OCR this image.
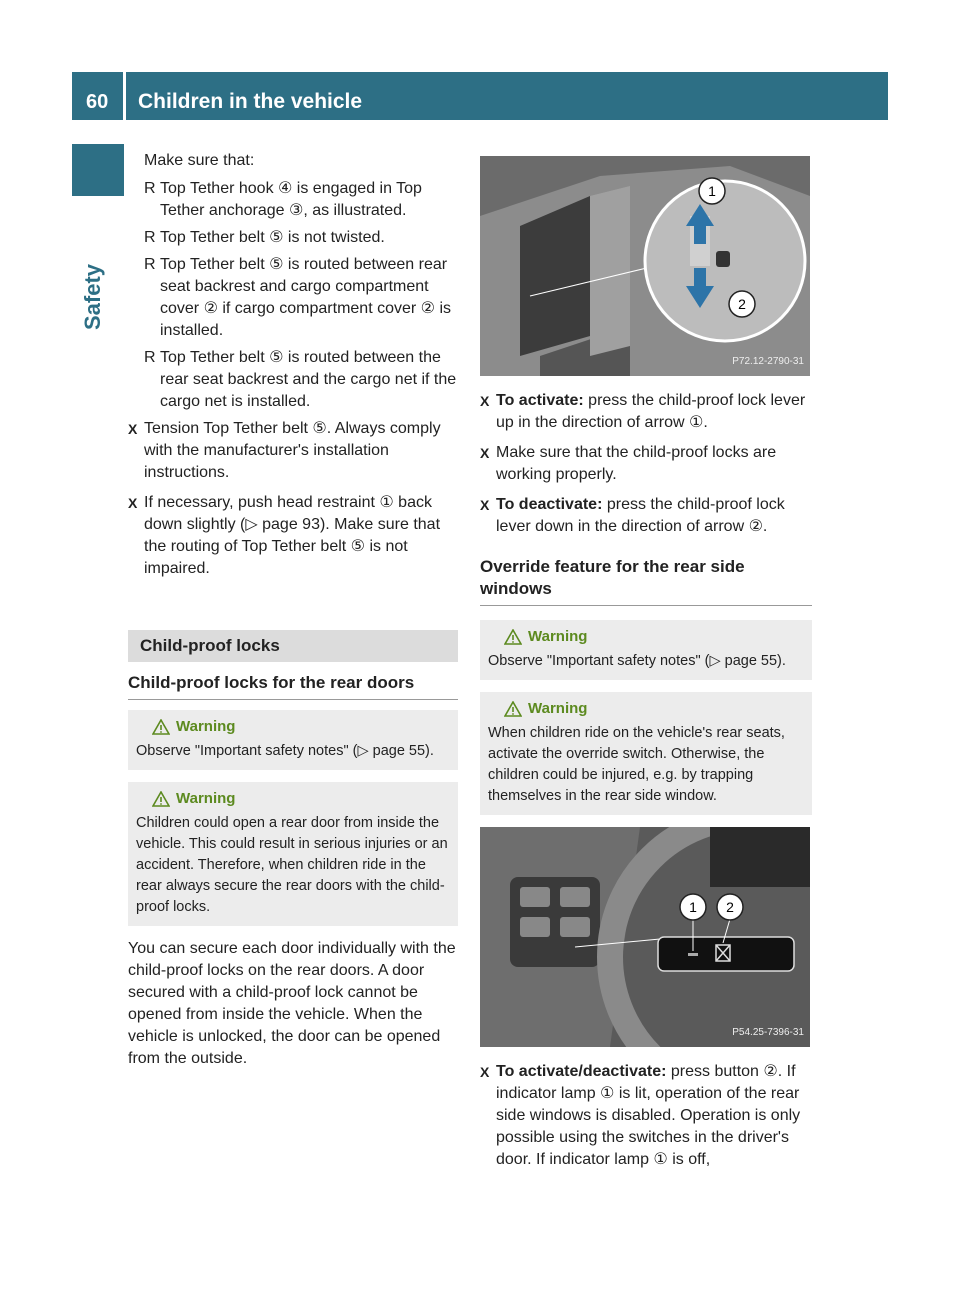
60	Children in the vehicle
Safety

Make sure that:

R Top Tether hook ④ is engaged in Top Tether anchorage ③, as illustrated.
R Top Tether belt ⑤ is not twisted.
R Top Tether belt ⑤ is routed between rear seat backrest and cargo compartment cover ② if cargo compartment cover ② is installed.
R Top Tether belt ⑤ is routed between the rear seat backrest and the cargo net if the cargo net is installed.
X Tension Top Tether belt ⑤. Always comply with the manufacturer's installation instructions.
X If necessary, push head restraint ① back down slightly (▷ page 93). Make sure that the routing of Top Tether belt ⑤ is not impaired.
Child-proof locks
Child-proof locks for the rear doors
Warning
Observe "Important safety notes" (▷ page 55).
Warning
Children could open a rear door from inside the vehicle. This could result in serious injuries or an accident. Therefore, when children ride in the rear always secure the rear doors with the child-proof locks.

You can secure each door individually with the child-proof locks on the rear doors. A door secured with a child-proof lock cannot be opened from inside the vehicle. When the vehicle is unlocked, the door can be opened from the outside.

1
2
P72.12-2790-31
X To activate: press the child-proof lock lever up in the direction of arrow ①.
X Make sure that the child-proof locks are working properly.
X To deactivate: press the child-proof lock lever down in the direction of arrow ②.
Override feature for the rear side windows
Warning
Observe "Important safety notes" (▷ page 55).
Warning
When children ride on the vehicle's rear seats, activate the override switch. Otherwise, the children could be injured, e.g. by trapping themselves in the rear side window.
1 2
P54.25-7396-31
X To activate/deactivate: press button ②. If indicator lamp ① is lit, operation of the rear side windows is disabled. Operation is only possible using the switches in the driver's door. If indicator lamp ① is off,
